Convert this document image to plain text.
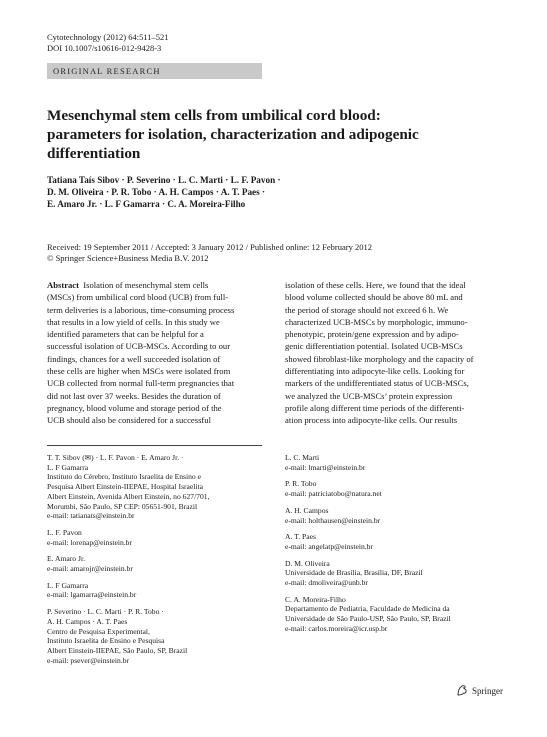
Cytotechnology (2012) 64:511–521
DOI 10.1007/s10616-012-9428-3
ORIGINAL RESEARCH
Mesenchymal stem cells from umbilical cord blood:
parameters for isolation, characterization and adipogenic
differentiation
Tatiana Taís Sibov · P. Severino · L. C. Marti · L. F. Pavon ·
D. M. Oliveira · P. R. Tobo · A. H. Campos · A. T. Paes ·
E. Amaro Jr. · L. F Gamarra · C. A. Moreira-Filho
Received: 19 September 2011 / Accepted: 3 January 2012 / Published online: 12 February 2012
© Springer Science+Business Media B.V. 2012
Abstract Isolation of mesenchymal stem cells
(MSCs) from umbilical cord blood (UCB) from full-
term deliveries is a laborious, time-consuming process
that results in a low yield of cells. In this study we
identified parameters that can be helpful for a
successful isolation of UCB-MSCs. According to our
findings, chances for a well succeeded isolation of
these cells are higher when MSCs were isolated from
UCB collected from normal full-term pregnancies that
did not last over 37 weeks. Besides the duration of
pregnancy, blood volume and storage period of the
UCB should also be considered for a successful
isolation of these cells. Here, we found that the ideal
blood volume collected should be above 80 mL and
the period of storage should not exceed 6 h. We
characterized UCB-MSCs by morphologic, immuno-
phenotypic, protein/gene expression and by adipo-
genic differentiation potential. Isolated UCB-MSCs
showed fibroblast-like morphology and the capacity of
differentiating into adipocyte-like cells. Looking for
markers of the undifferentiated status of UCB-MSCs,
we analyzed the UCB-MSCs’ protein expression
profile along different time periods of the differenti-
ation process into adipocyte-like cells. Our results
T. T. Sibov (✉) · L. F. Pavon · E. Amaro Jr. ·
L. F Gamarra
Instituto do Cérebro, Instituto Israelita de Ensino e
Pesquisa Albert Einstein-IIEPAE, Hospital Israelita
Albert Einstein, Avenida Albert Einstein, no 627/701,
Morumbi, São Paulo, SP CEP: 05651-901, Brazil
e-mail: tatianats@einstein.br
L. F. Pavon
e-mail: lorenap@einstein.br
E. Amaro Jr.
e-mail: amarojr@einstein.br
L. F Gamarra
e-mail: lgamarra@einstein.br
P. Severino · L. C. Marti · P. R. Tobo ·
A. H. Campos · A. T. Paes
Centro de Pesquisa Experimental,
Instituto Israelita de Ensino e Pesquisa
Albert Einstein-IIEPAE, São Paulo, SP, Brazil
e-mail: psever@einstein.br
L. C. Marti
e-mail: lmarti@einstein.br
P. R. Tobo
e-mail: patriciatobo@natura.net
A. H. Campos
e-mail: holthausen@einstein.br
A. T. Paes
e-mail: angelatp@einstein.br
D. M. Oliveira
Universidade de Brasília, Brasília, DF, Brazil
e-mail: dmoliveira@unb.br
C. A. Moreira-Filho
Departamento de Pediatria, Faculdade de Medicina da
Universidade de São Paulo-USP, São Paulo, SP, Brazil
e-mail: carlos.moreira@icr.usp.br
Springer
